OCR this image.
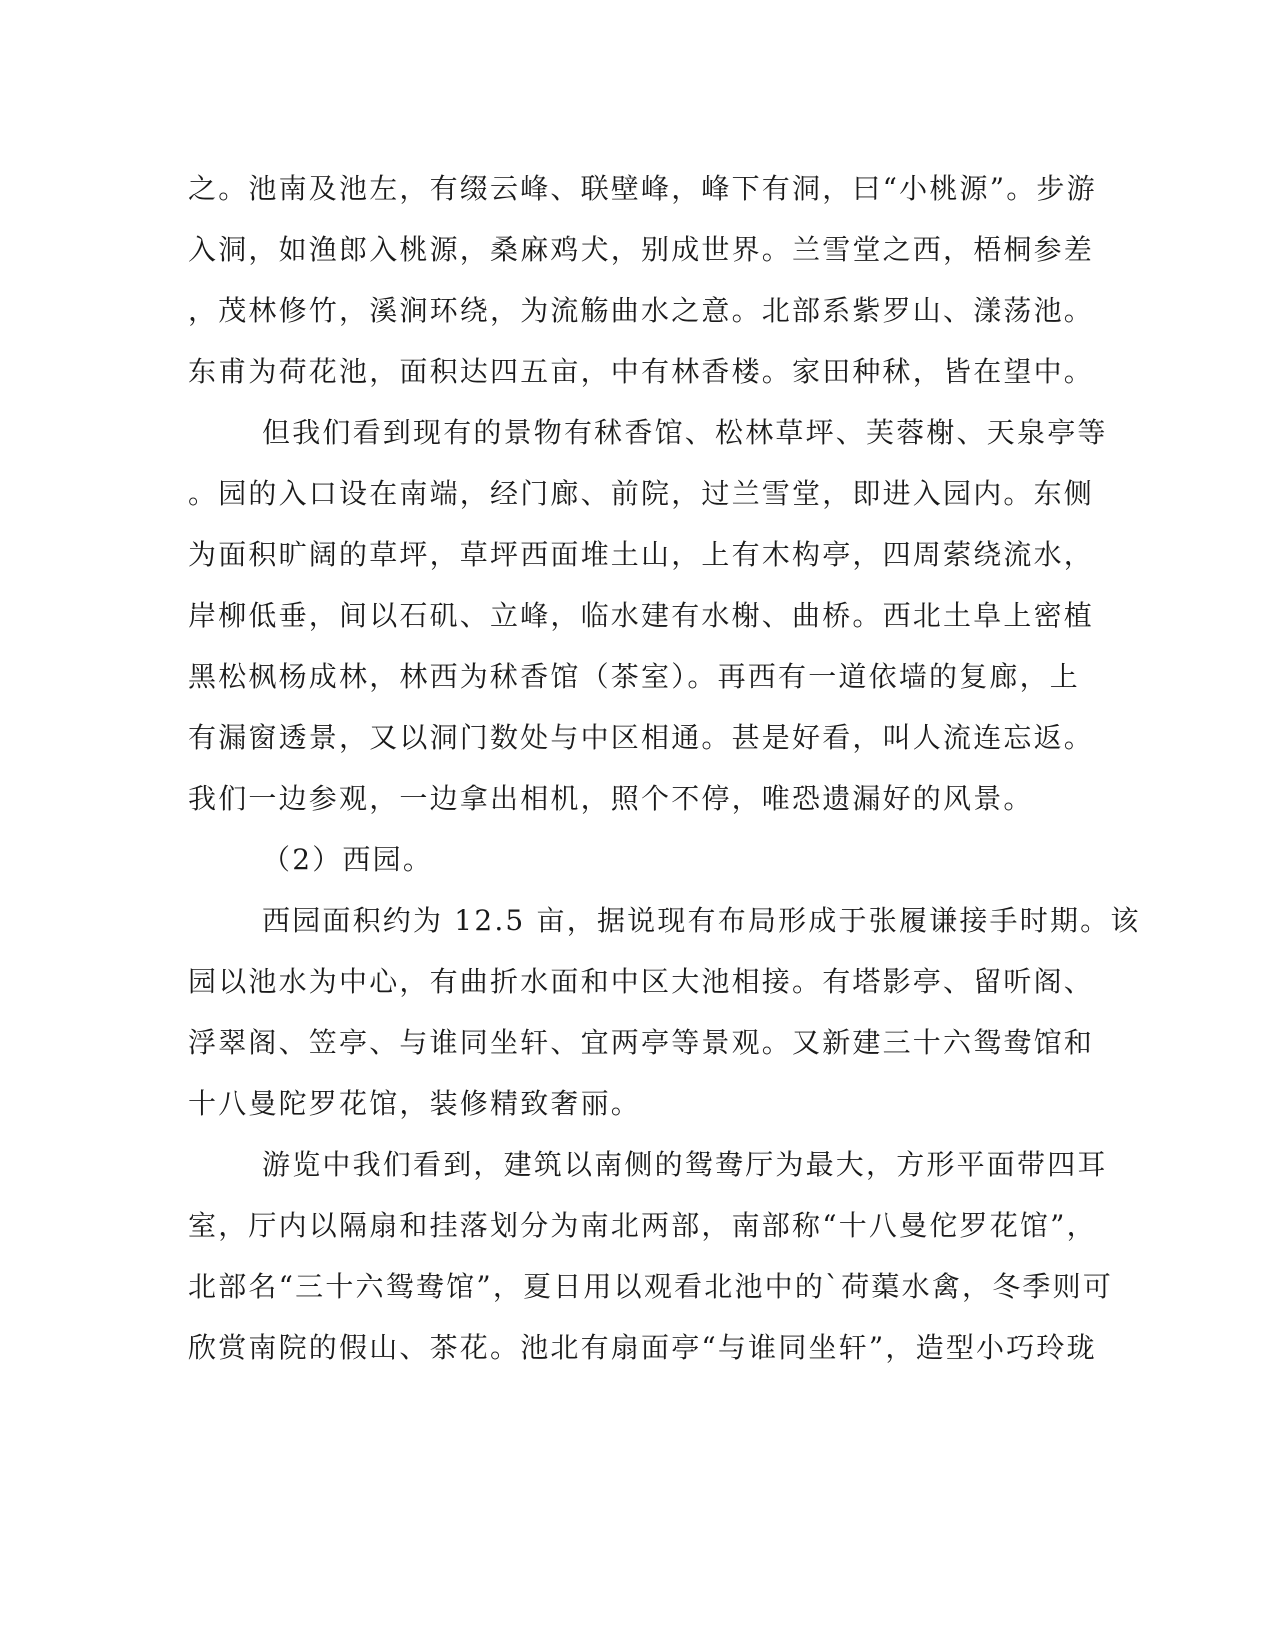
之。池南及池左，有缀云峰、联壁峰，峰下有洞，曰“小桃源”。步游
入洞，如渔郎入桃源，桑麻鸡犬，别成世界。兰雪堂之西，梧桐参差
，茂林修竹，溪涧环绕，为流觞曲水之意。北部系紫罗山、漾荡池。
东甫为荷花池，面积达四五亩，中有林香楼。家田种秫，皆在望中。
但我们看到现有的景物有秫香馆、松林草坪、芙蓉榭、天泉亭等
。园的入口设在南端，经门廊、前院，过兰雪堂，即进入园内。东侧
为面积旷阔的草坪，草坪西面堆土山，上有木构亭，四周萦绕流水，
岸柳低垂，间以石矶、立峰，临水建有水榭、曲桥。西北土阜上密植
黑松枫杨成林，林西为秫香馆（茶室）。再西有一道依墙的复廊，上
有漏窗透景，又以洞门数处与中区相通。甚是好看，叫人流连忘返。
我们一边参观，一边拿出相机，照个不停，唯恐遗漏好的风景。
（2）西园。
西园面积约为 12.5 亩，据说现有布局形成于张履谦接手时期。该
园以池水为中心，有曲折水面和中区大池相接。有塔影亭、留听阁、
浮翠阁、笠亭、与谁同坐轩、宜两亭等景观。又新建三十六鸳鸯馆和
十八曼陀罗花馆，装修精致奢丽。
游览中我们看到，建筑以南侧的鸳鸯厅为最大，方形平面带四耳
室，厅内以隔扇和挂落划分为南北两部，南部称“十八曼佗罗花馆”，
北部名“三十六鸳鸯馆”，夏日用以观看北池中的`荷蕖水禽，冬季则可
欣赏南院的假山、茶花。池北有扇面亭“与谁同坐轩”，造型小巧玲珑
